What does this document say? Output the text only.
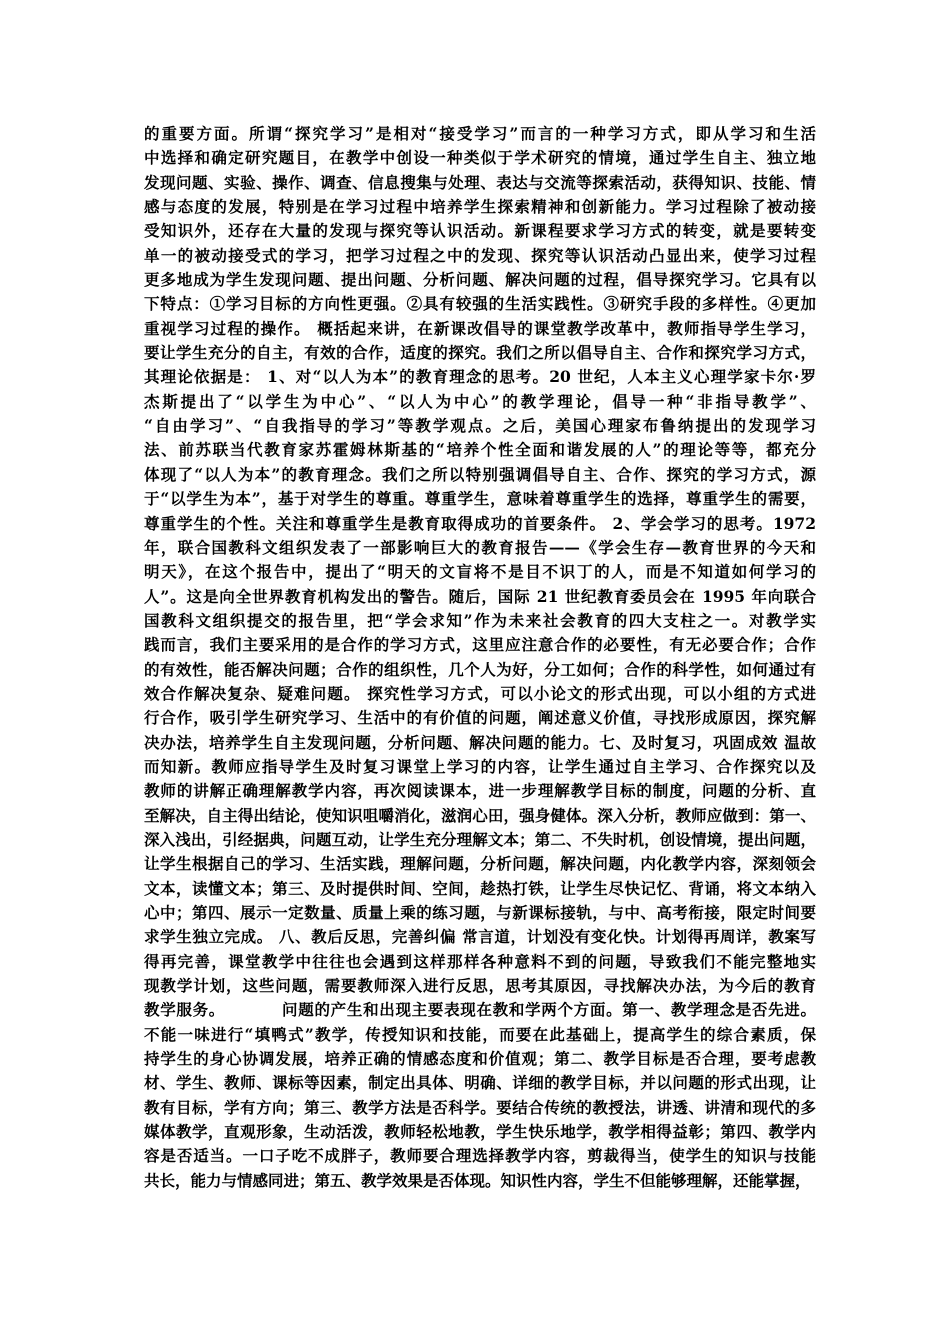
的重要方面。所谓“探究学习”是相对“接受学习”而言的一种学习方式，即从学习和生活
中选择和确定研究题目，在教学中创设一种类似于学术研究的情境，通过学生自主、独立地
发现问题、实验、操作、调查、信息搜集与处理、表达与交流等探索活动，获得知识、技能、情
感与态度的发展，特别是在学习过程中培养学生探索精神和创新能力。学习过程除了被动接
受知识外，还存在大量的发现与探究等认识活动。新课程要求学习方式的转变，就是要转变
单一的被动接受式的学习，把学习过程之中的发现、探究等认识活动凸显出来，使学习过程
更多地成为学生发现问题、提出问题、分析问题、解决问题的过程，倡导探究学习。它具有以
下特点：①学习目标的方向性更强。②具有较强的生活实践性。③研究手段的多样性。④更加
重视学习过程的操作。 概括起来讲，在新课改倡导的课堂教学改革中，教师指导学生学习，
要让学生充分的自主，有效的合作，适度的探究。我们之所以倡导自主、合作和探究学习方式，
其理论依据是： 1、对“以人为本”的教育理念的思考。20 世纪，人本主义心理学家卡尔·罗
杰斯提出了“以学生为中心”、“以人为中心”的教学理论，倡导一种“非指导教学”、
“自由学习”、“自我指导的学习”等教学观点。之后，美国心理家布鲁纳提出的发现学习
法、前苏联当代教育家苏霍姆林斯基的“培养个性全面和谐发展的人”的理论等等，都充分
体现了“以人为本”的教育理念。我们之所以特别强调倡导自主、合作、探究的学习方式，源
于“以学生为本”，基于对学生的尊重。尊重学生，意味着尊重学生的选择，尊重学生的需要，
尊重学生的个性。关注和尊重学生是教育取得成功的首要条件。 2、学会学习的思考。1972
年，联合国教科文组织发表了一部影响巨大的教育报告——《学会生存—教育世界的今天和
明天》，在这个报告中，提出了“明天的文盲将不是目不识丁的人，而是不知道如何学习的
人”。这是向全世界教育机构发出的警告。随后，国际 21 世纪教育委员会在 1995 年向联合
国教科文组织提交的报告里，把“学会求知”作为未来社会教育的四大支柱之一。对教学实
践而言，我们主要采用的是合作的学习方式，这里应注意合作的必要性，有无必要合作；合作
的有效性，能否解决问题；合作的组织性，几个人为好，分工如何；合作的科学性，如何通过有
效合作解决复杂、疑难问题。 探究性学习方式，可以小论文的形式出现，可以小组的方式进
行合作，吸引学生研究学习、生活中的有价值的问题，阐述意义价值，寻找形成原因，探究解
决办法，培养学生自主发现问题，分析问题、解决问题的能力。七、及时复习，巩固成效 温故
而知新。教师应指导学生及时复习课堂上学习的内容，让学生通过自主学习、合作探究以及
教师的讲解正确理解教学内容，再次阅读课本，进一步理解教学目标的制度，问题的分析、直
至解决，自主得出结论，使知识咀嚼消化，滋润心田，强身健体。深入分析，教师应做到：第一、
深入浅出，引经据典，问题互动，让学生充分理解文本；第二、不失时机，创设情境，提出问题，
让学生根据自己的学习、生活实践，理解问题，分析问题，解决问题，内化教学内容，深刻领会
文本，读懂文本；第三、及时提供时间、空间，趁热打铁，让学生尽快记忆、背诵，将文本纳入
心中；第四、展示一定数量、质量上乘的练习题，与新课标接轨，与中、高考衔接，限定时间要
求学生独立完成。 八、教后反思，完善纠偏 常言道，计划没有变化快。计划得再周详，教案写
得再完善，课堂教学中往往也会遇到这样那样各种意料不到的问题，导致我们不能完整地实
现教学计划，这些问题，需要教师深入进行反思，思考其原因，寻找解决办法，为今后的教育
教学服务。　　　　问题的产生和出现主要表现在教和学两个方面。第一、教学理念是否先进。
不能一味进行“填鸭式”教学，传授知识和技能，而要在此基础上，提高学生的综合素质，保
持学生的身心协调发展，培养正确的情感态度和价值观；第二、教学目标是否合理，要考虑教
材、学生、教师、课标等因素，制定出具体、明确、详细的教学目标，并以问题的形式出现，让
教有目标，学有方向；第三、教学方法是否科学。要结合传统的教授法，讲透、讲清和现代的多
媒体教学，直观形象，生动活泼，教师轻松地教，学生快乐地学，教学相得益彰；第四、教学内
容是否适当。一口子吃不成胖子，教师要合理选择教学内容，剪裁得当，使学生的知识与技能
共长，能力与情感同进；第五、教学效果是否体现。知识性内容，学生不但能够理解，还能掌握，
